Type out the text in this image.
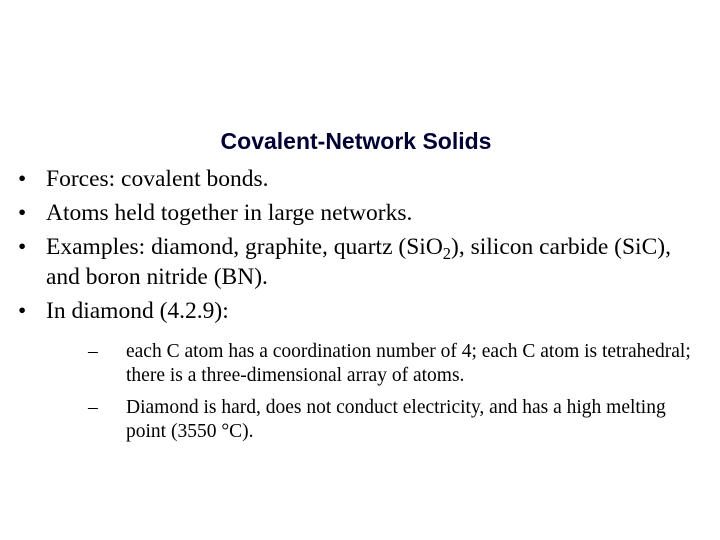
Covalent-Network Solids
• Forces: covalent bonds.
• Atoms held together in large networks.
• Examples: diamond, graphite, quartz (SiO$_2$), silicon carbide (SiC), and boron nitride (BN).
• In diamond (4.2.9):
–	each C atom has a coordination number of 4; each C atom is tetrahedral; there is a three-dimensional array of atoms.
–	Diamond is hard, does not conduct electricity, and has a high melting point (3550 °C).
